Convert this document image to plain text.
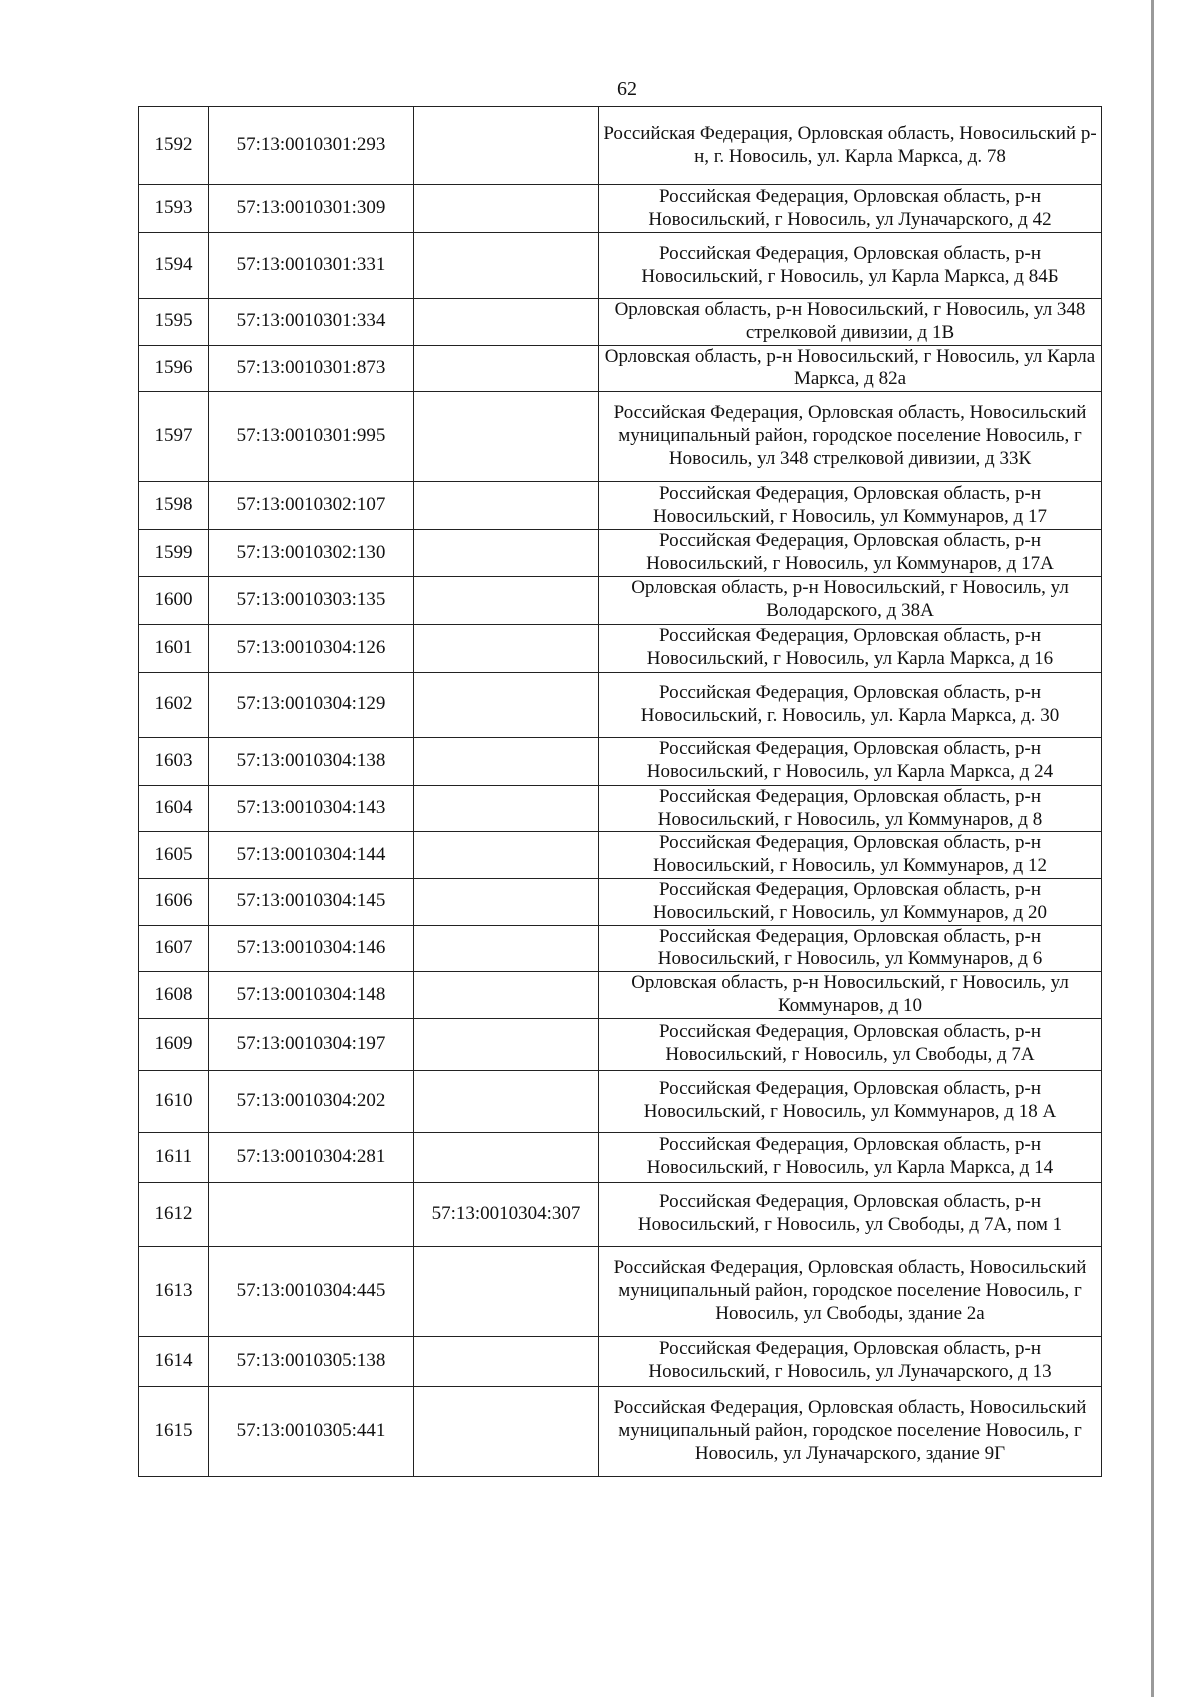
62
1592	57:13:0010301:293		Российская Федерация, Орловская область, Новосильский р-н, г. Новосиль, ул. Карла Маркса, д. 78
1593	57:13:0010301:309		Российская Федерация, Орловская область, р-н Новосильский, г Новосиль, ул Луначарского, д 42
1594	57:13:0010301:331		Российская Федерация, Орловская область, р-н Новосильский, г Новосиль, ул Карла Маркса, д 84Б
1595	57:13:0010301:334		Орловская область, р-н Новосильский, г Новосиль, ул 348 стрелковой дивизии, д 1В
1596	57:13:0010301:873		Орловская область, р-н Новосильский, г Новосиль, ул Карла Маркса, д 82а
1597	57:13:0010301:995		Российская Федерация, Орловская область, Новосильский муниципальный район, городское поселение Новосиль, г Новосиль, ул 348 стрелковой дивизии, д 33К
1598	57:13:0010302:107		Российская Федерация, Орловская область, р-н Новосильский, г Новосиль, ул Коммунаров, д 17
1599	57:13:0010302:130		Российская Федерация, Орловская область, р-н Новосильский, г Новосиль, ул Коммунаров, д 17А
1600	57:13:0010303:135		Орловская область, р-н Новосильский, г Новосиль, ул Володарского, д 38А
1601	57:13:0010304:126		Российская Федерация, Орловская область, р-н Новосильский, г Новосиль, ул Карла Маркса, д 16
1602	57:13:0010304:129		Российская Федерация, Орловская область, р-н Новосильский, г. Новосиль, ул. Карла Маркса, д. 30
1603	57:13:0010304:138		Российская Федерация, Орловская область, р-н Новосильский, г Новосиль, ул Карла Маркса, д 24
1604	57:13:0010304:143		Российская Федерация, Орловская область, р-н Новосильский, г Новосиль, ул Коммунаров, д 8
1605	57:13:0010304:144		Российская Федерация, Орловская область, р-н Новосильский, г Новосиль, ул Коммунаров, д 12
1606	57:13:0010304:145		Российская Федерация, Орловская область, р-н Новосильский, г Новосиль, ул Коммунаров, д 20
1607	57:13:0010304:146		Российская Федерация, Орловская область, р-н Новосильский, г Новосиль, ул Коммунаров, д 6
1608	57:13:0010304:148		Орловская область, р-н Новосильский, г Новосиль, ул Коммунаров, д 10
1609	57:13:0010304:197		Российская Федерация, Орловская область, р-н Новосильский, г Новосиль, ул Свободы, д 7А
1610	57:13:0010304:202		Российская Федерация, Орловская область, р-н Новосильский, г Новосиль, ул Коммунаров, д 18 А
1611	57:13:0010304:281		Российская Федерация, Орловская область, р-н Новосильский, г Новосиль, ул Карла Маркса, д 14
1612		57:13:0010304:307	Российская Федерация, Орловская область, р-н Новосильский, г Новосиль, ул Свободы, д 7А, пом 1
1613	57:13:0010304:445		Российская Федерация, Орловская область, Новосильский муниципальный район, городское поселение Новосиль, г Новосиль, ул Свободы, здание 2а
1614	57:13:0010305:138		Российская Федерация, Орловская область, р-н Новосильский, г Новосиль, ул Луначарского, д 13
1615	57:13:0010305:441		Российская Федерация, Орловская область, Новосильский муниципальный район, городское поселение Новосиль, г Новосиль, ул Луначарского, здание 9Г
